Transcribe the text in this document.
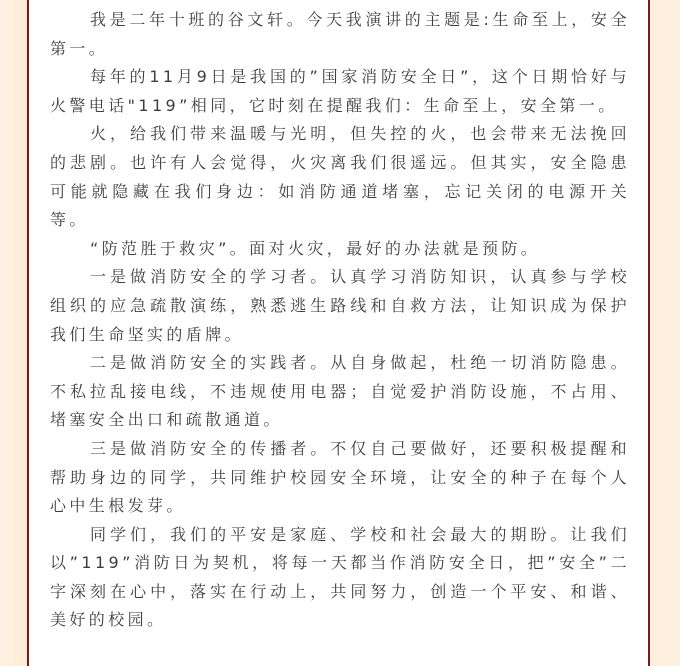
我是二年十班的谷文轩。今天我演讲的主题是:生命至上，安全第一。

每年的11月9日是我国的”国家消防安全日”，这个日期恰好与火警电话"119”相同，它时刻在提醒我们：生命至上，安全第一。

火，给我们带来温暖与光明，但失控的火，也会带来无法挽回的悲剧。也许有人会觉得，火灾离我们很遥远。但其实，安全隐患可能就隐藏在我们身边：如消防通道堵塞，忘记关闭的电源开关等。

“防范胜于救灾”。面对火灾，最好的办法就是预防。

一是做消防安全的学习者。认真学习消防知识，认真参与学校组织的应急疏散演练，熟悉逃生路线和自救方法，让知识成为保护我们生命坚实的盾牌。

二是做消防安全的实践者。从自身做起，杜绝一切消防隐患。不私拉乱接电线，不违规使用电器；自觉爱护消防设施，不占用、堵塞安全出口和疏散通道。

三是做消防安全的传播者。不仅自己要做好，还要积极提醒和帮助身边的同学，共同维护校园安全环境，让安全的种子在每个人心中生根发芽。

同学们，我们的平安是家庭、学校和社会最大的期盼。让我们以”119”消防日为契机，将每一天都当作消防安全日，把”安全”二字深刻在心中，落实在行动上，共同努力，创造一个平安、和谐、美好的校园。
